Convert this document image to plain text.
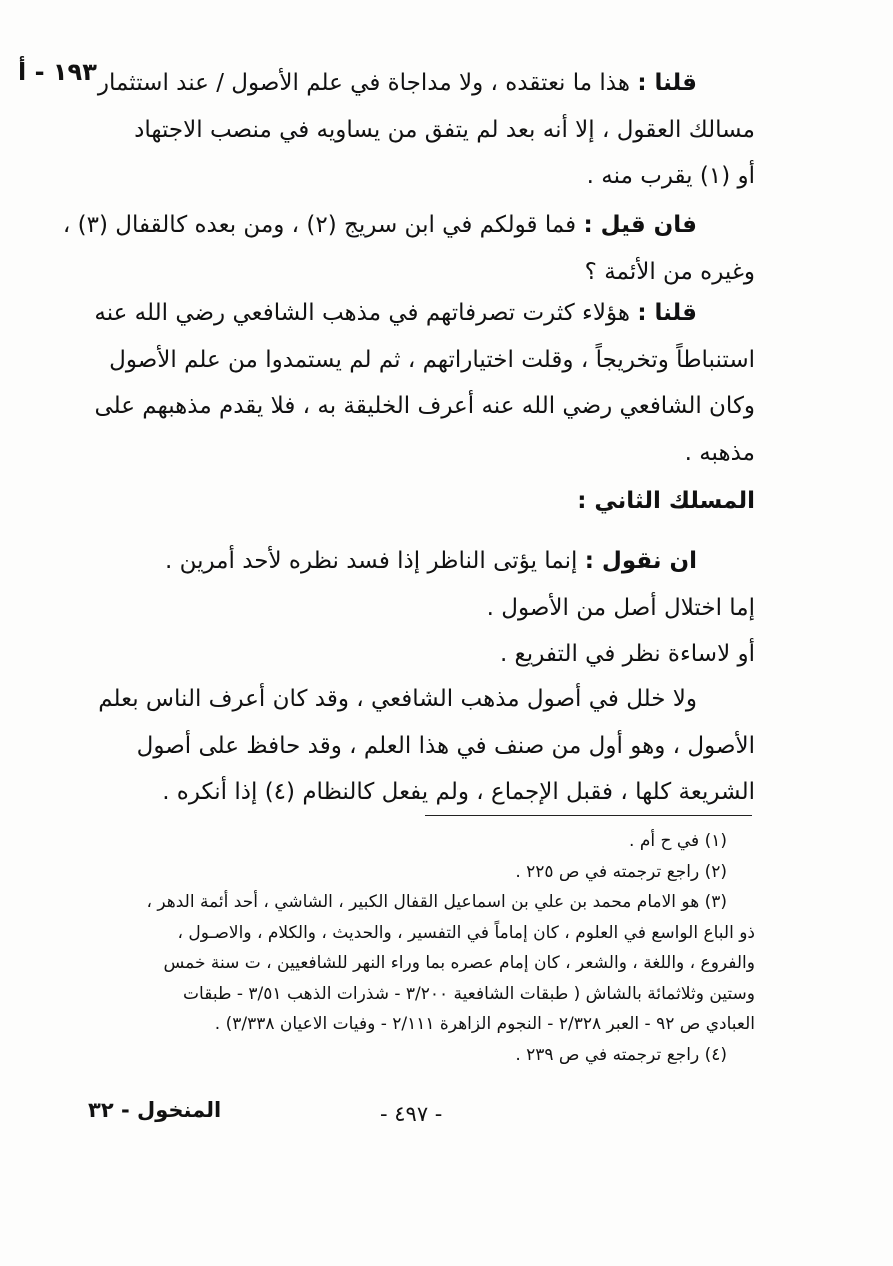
١٩٣ - أ	قلنا : هذا ما نعتقده ، ولا مداجاة في علم الأصول / عند استثمار
مسالك العقول ، إلا أنه بعد لم يتفق من يساويه في منصب الاجتهاد
أو (١) يقرب منه .
فان قيل : فما قولكم في ابن سريج (٢) ، ومن بعده كالقفال (٣) ،
وغيره من الأئمة ؟
قلنا : هؤلاء كثرت تصرفاتهم في مذهب الشافعي رضي الله عنه
استنباطاً وتخريجاً ، وقلت اختياراتهم ، ثم لم يستمدوا من علم الأصول
وكان الشافعي رضي الله عنه أعرف الخليقة به ، فلا يقدم مذهبهم على
مذهبه .
المسلك الثاني :
ان نقول : إنما يؤتى الناظر إذا فسد نظره لأحد أمرين .
إما اختلال أصل من الأصول .
أو لاساءة نظر في التفريع .
ولا خلل في أصول مذهب الشافعي ، وقد كان أعرف الناس بعلم
الأصول ، وهو أول من صنف في هذا العلم ، وقد حافظ على أصول
الشريعة كلها ، فقبل الإجماع ، ولم يفعل كالنظام (٤) إذا أنكره .
(١) في ح أم .
(٢) راجع ترجمته في ص ٢٢٥ .
(٣) هو الامام محمد بن علي بن اسماعيل القفال الكبير ، الشاشي ، أحد أئمة الدهر ،
ذو الباع الواسع في العلوم ، كان إماماً في التفسير ، والحديث ، والكلام ، والاصـول ،
والفروع ، واللغة ، والشعر ، كان إمام عصره بما وراء النهر للشافعيين ، ت سنة خمس
وستين وثلاثمائة بالشاش ( طبقات الشافعية ٣/٢٠٠ - شذرات الذهب ٣/٥١ - طبقات
العبادي ص ٩٢ - العبر ٢/٣٢٨ - النجوم الزاهرة ٢/١١١ - وفيات الاعيان ٣/٣٣٨) .
(٤) راجع ترجمته في ص ٢٣٩ .
المنخول - ٣٢	- ٤٩٧ -
